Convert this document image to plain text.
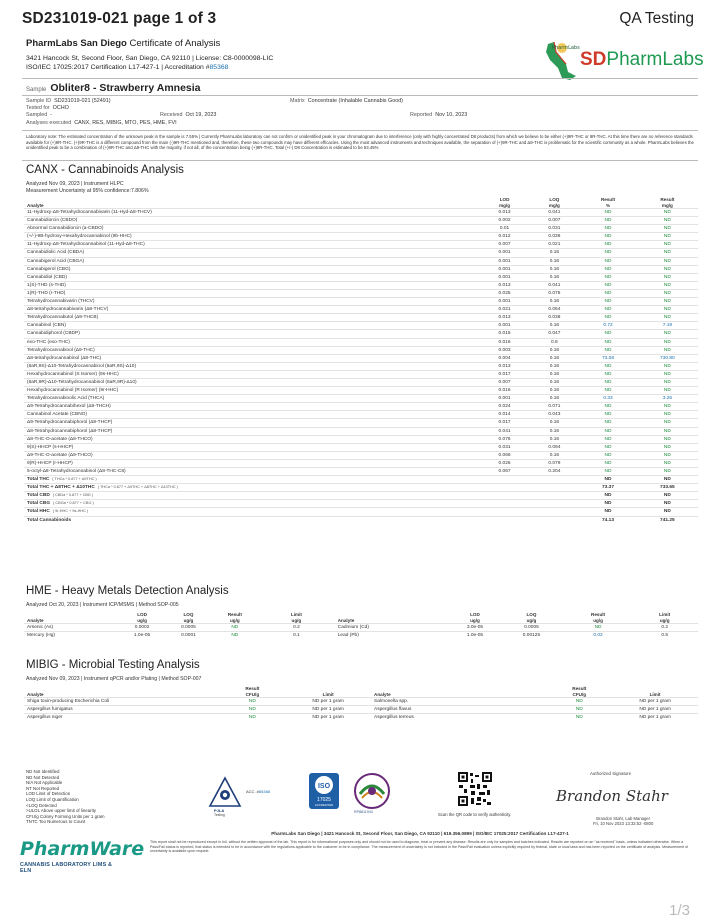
SD231019-021 page 1 of 3	QA Testing
PharmLabs San Diego Certificate of Analysis
3421 Hancock St, Second Floor, San Diego, CA 92110 | License: C8-0000098-LIC
ISO/IEC 17025:2017 Certification L17-427-1 | Accreditation #85368
PharmLabs
SDPharmLabs
Sample Obliter8 - Strawberry Amnesia
Sample ID SD231019-021 (52491)
Tested for OCHO
Sampled -
Analyses executed CANX, RES, MIBIG, MTO, PES, HME, FVI
Received Oct 19, 2023
Matrix Concentrate (Inhalable Cannabis Good)
Reported Nov 10, 2023
Laboratory note: The estimated concentration of the unknown peak in the sample is 7.55% | Currently PharmLabs laboratory can not confirm or unidentified peak in your chromatogram due to interference (only with highly concentrated D8 products) from which we believe to be either (+)9R-THC or 9R-THC. At this time there are no reference standards available for (+)9R-THC. (+)9R-THC is a different compound from the main (-)9R-THC mentioned and, therefore, these two compounds may have different efficacies. Using the most advanced instruments and techniques available, the separation of (+)9R-THC and Δ9-THC is problematic for the scientific community as a whole. PharmLabs believes the unidentified peak to be a combination of (+)9R-THC and Δ9-THC with the majority, if not all, of the concentration being (+)9R-THC. Total (+/-) D8 Concentration is estimated to be 53.45%
CANX - Cannabinoids Analysis
Analyzed Nov 09, 2023 | Instrument HLPC
Measurement Uncertainty at 95% confidence:7.806%
Analyte	LOD
mg/g	LOQ
mg/g	Result
%	Result
mg/g
11-Hydroxy-Δ8-Tetrahydrocannabivarin (11-Hyd-Δ8-THCV)	0.013	0.041	ND	ND
Cannabidiorcin (CBDO)	0.002	0.007	ND	ND
Abnormal Cannabidiorcin (a-CBDO)	0.01	0.031	ND	ND
(+/-)-9B-hydroxy-Hexahydrocannabinol (9b-HHC)	0.012	0.036	ND	ND
11-Hydroxy-Δ8-Tetrahydrocannabinol (11-Hyd-Δ8-THC)	0.007	0.021	ND	ND
Cannabidiolic Acid (CBDA)	0.001	0.16	ND	ND
Cannabigerol Acid (CBGA)	0.001	0.16	ND	ND
Cannabigerol (CBG)	0.001	0.16	ND	ND
Cannabidiol (CBD)	0.001	0.16	ND	ND
1(S)-THD (s-THD)	0.013	0.041	ND	ND
1(R)-THD (r-THD)	0.025	0.075	ND	ND
Tetrahydrocannabivarin (THCV)	0.001	0.16	ND	ND
Δ8-tetrahydrocannabivarin (Δ8-THCV)	0.021	0.064	ND	ND
Tetrahydrocannabutol (Δ9-THCB)	0.013	0.038	ND	ND
Cannabinol (CBN)	0.001	0.16	0.72	7.19
Cannabidiphorol (CBDP)	0.015	0.047	ND	ND
exo-THC (exo-THC)	0.016	0.8	ND	ND
Tetrahydrocannabinol (Δ9-THC)	0.003	0.16	ND	ND
Δ8-tetrahydrocannabinol (Δ8-THC)	0.004	0.16	73.08	730.80
(6aR,9S)-Δ10-Tetrahydrocannabinol (6aR,9S)-Δ10)	0.013	0.16	ND	ND
Hexahydrocannabinol (S Isomer) (9s-HHC)	0.017	0.16	ND	ND
(6aR,9R)-Δ10-Tetrahydrocannabinol (6aR,9R)-Δ10)	0.007	0.16	ND	ND
Hexahydrocannabinol (R Isomer) (9r-HHC)	0.016	0.16	ND	ND
Tetrahydrocannabinolic Acid (THCA)	0.001	0.16	0.33	3.26
Δ9-Tetrahydrocannabihexol (Δ9-THCH)	0.024	0.071	ND	ND
Cannabinol Acetate (CBNO)	0.014	0.043	ND	ND
Δ9-Tetrahydrocannabiphorol (Δ9-THCP)	0.017	0.16	ND	ND
Δ8-Tetrahydrocannabiphorol (Δ8-THCP)	0.041	0.16	ND	ND
Δ8-THC-O-acetate (Δ8-THCO)	0.076	0.16	ND	ND
9(S)-HHCP (s-HHCP)	0.031	0.094	ND	ND
Δ9-THC-O-acetate (Δ9-THCO)	0.066	0.16	ND	ND
9(R)-HHCP (r-HHCP)	0.026	0.079	ND	ND
5-octyl-Δ8-Tetrahydrocannabinol (Δ8-THC-C8)	0.067	0.204	ND	ND
Total THC ( THCa * 0.877 + Δ9THC )			ND	ND
Total THC + Δ8THC + Δ10THC ( THCa * 0.877 + Δ9THC + Δ8THC + Δ10THC )			73.37	733.65
Total CBD ( CBDa * 0.877 + CBD )			ND	ND
Total CBG ( CBGa * 0.877 + CBG )			ND	ND
Total HHC ( 9r-HHC + 9s-HHC )			ND	ND
Total Cannabinoids			74.13	741.25
HME - Heavy Metals Detection Analysis
Analyzed Oct 20, 2023 | Instrument ICP/MSMS | Method SOP-005
Analyte	LOD
ug/g	LOQ
ug/g	Result
ug/g	Limit
ug/g	Analyte	LOD
ug/g	LOQ
ug/g	Result
ug/g	Limit
ug/g
Arsenic (As)	0.0002	0.0005	ND	0.2	Cadmium (Cd)	3.0e-05	0.0005	ND	0.2
Mercury (Hg)	1.0e-05	0.0001	ND	0.1	Lead (Pb)	1.0e-05	0.00125	0.02	0.5
MIBIG - Microbial Testing Analysis
Analyzed Nov 09, 2023 | Instrument qPCR and/or Plating | Method SOP-007
Analyte	Result
CFU/g	Limit	Analyte	Result
CFU/g	Limit
Shiga toxin-producing Escherichia Coli	ND	ND per 1 gram	Salmonella spp.	ND	ND per 1 gram
Aspergillus fumigatus	ND	ND per 1 gram	Aspergillus flavus	ND	ND per 1 gram
Aspergillus niger	ND	ND per 1 gram	Aspergillus terreus	ND	ND per 1 gram
ND Not Identified
ND Not Detected
N/A Not Applicable
NT Not Reported
LOD Limit of Detection
LOQ Limit of Quantification
<LOQ Detected
>ULOL Above upper limit of linearity
CFU/g Colony Forming Units per 1 gram
TNTC Too Numerous to Count
ACC. #85368
PJLA
Testing
ISO
17025
ACCREDITED
RP8811943	Scan the QR code to verify authenticity.
Authorized Signature
Brandon Stahr
Brandon Stahr, Lab Manager
Fri, 10 Nov 2023 13:32:52 -0800
PharmLabs San Diego | 3421 Hancock St, Second Floor, San Diego, CA 92110 | 619.356.0899 | ISO/IEC 17025:2017 Certification L17-427-1
This report shall not be reproduced except in full, without the written approval of the lab. This report is for informational purposes only and should not be used to diagnose, treat or prevent any disease. Results are only for samples and batches indicated. Results are reported on an "as received" basis, unless indicated otherwise. When a Pass/Fail status is reported, that status is intended to be in accordance with the regulations applicable to the customer to be in compliance. The measurement of uncertainty is not included in the Pass/Fail evaluation unless explicitly required by federal, state or local laws and has been reported on the certificate of analysis. Measurement of uncertainty is available upon request.
PharmWare
CANNABIS LABORATORY LIMS & ELN
1/3
